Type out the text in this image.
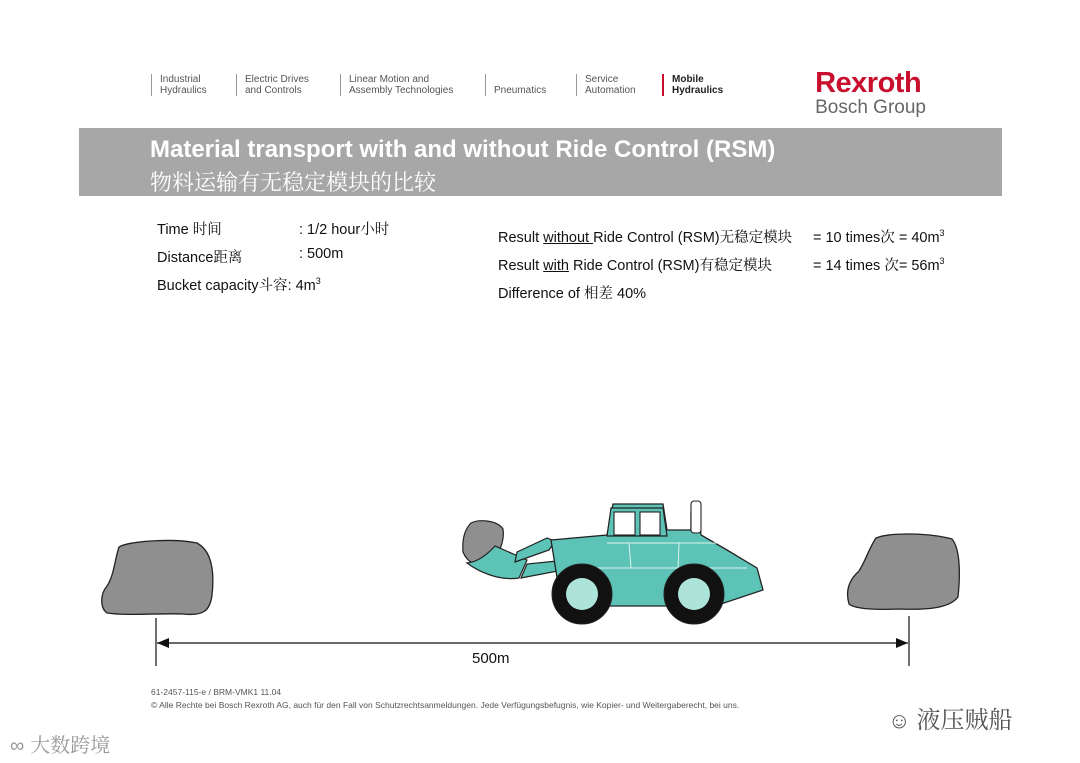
Industrial
Hydraulics
Electric Drives
and Controls
Linear Motion and
Assembly Technologies	Pneumatics
Service
Automation
Mobile
Hydraulics	Rexroth
Bosch Group
Material transport with and without Ride Control (RSM)
物料运输有无稳定模块的比较
Time 时间	: 1/2 hour小时
Distance距离	: 500m
Bucket capacity斗容: $4m^3$
Result without Ride Control (RSM)无稳定模块 = 10 times次 = $40m^3$
Result with Ride Control (RSM)有稳定模块	= 14 times 次= $56m^3$
Difference of 相差 40%
500m
61-2457-115-e / BRM-VMK1 11.04
© Alle Rechte bei Bosch Rexroth AG, auch für den Fall von Schutzrechtsanmeldungen. Jede Verfügungsbefugnis, wie Kopier- und Weitergaberecht, bei uns.
☺ 液压贼船
∞ 大数跨境
